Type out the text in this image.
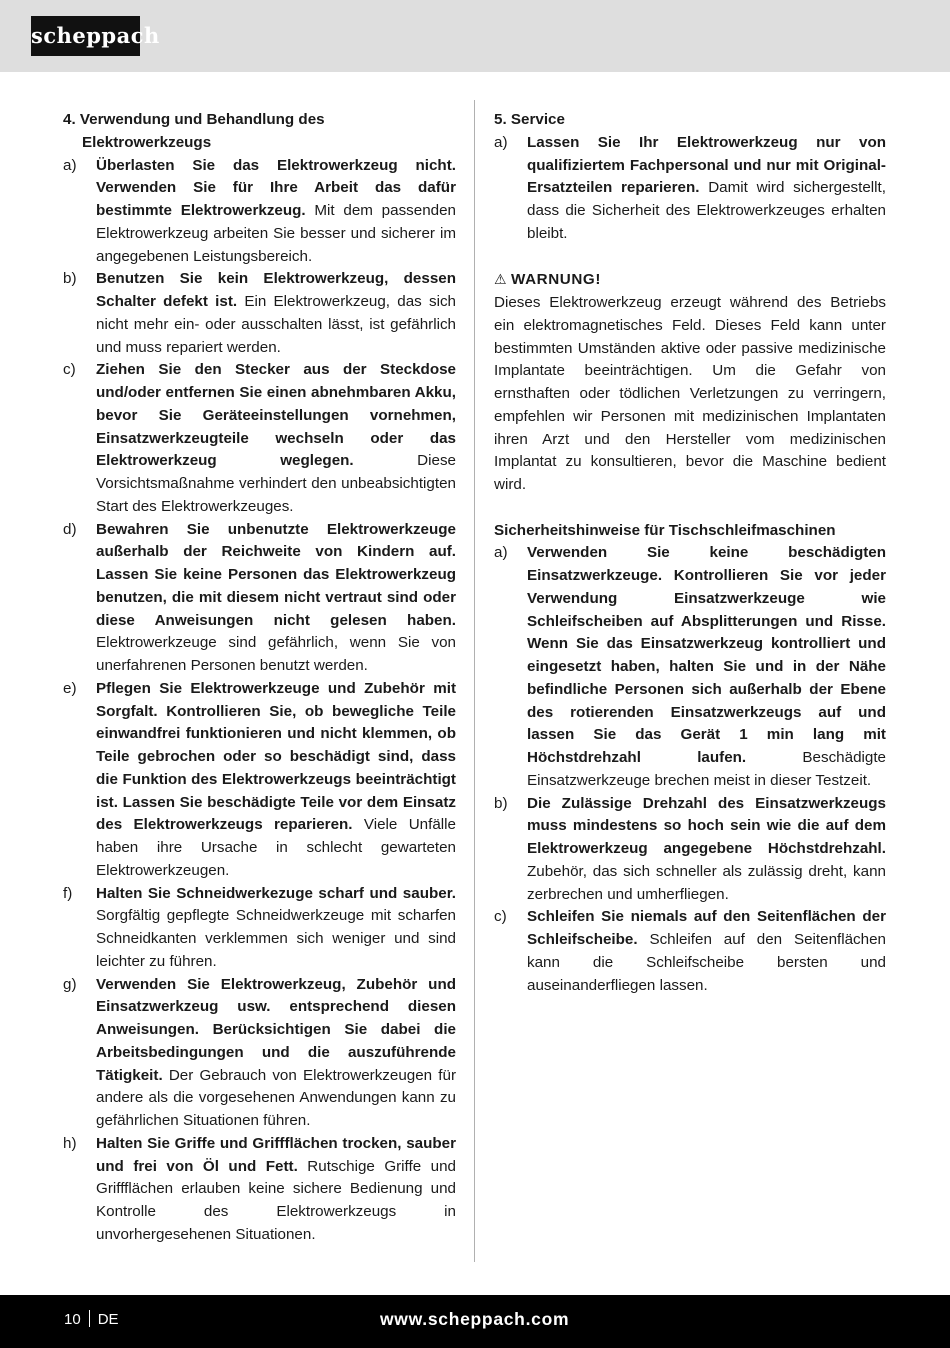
scheppach
4. Verwendung und Behandlung des Elektrowerkzeugs
a)	Überlasten Sie das Elektrowerkzeug nicht. Verwenden Sie für Ihre Arbeit das dafür bestimmte Elektrowerkzeug. Mit dem passenden Elektrowerkzeug arbeiten Sie besser und sicherer im angegebenen Leistungsbereich.
b)	Benutzen Sie kein Elektrowerkzeug, dessen Schalter defekt ist. Ein Elektrowerkzeug, das sich nicht mehr ein- oder ausschalten lässt, ist gefährlich und muss repariert werden.
c)	Ziehen Sie den Stecker aus der Steckdose und/oder entfernen Sie einen abnehmbaren Akku, bevor Sie Geräteeinstellungen vornehmen, Einsatzwerkzeugteile wechseln oder das Elektrowerkzeug weglegen. Diese Vorsichtsmaßnahme verhindert den unbeabsichtigten Start des Elektrowerkzeuges.
d)	Bewahren Sie unbenutzte Elektrowerkzeuge außerhalb der Reichweite von Kindern auf. Lassen Sie keine Personen das Elektrowerkzeug benutzen, die mit diesem nicht vertraut sind oder diese Anweisungen nicht gelesen haben. Elektrowerkzeuge sind gefährlich, wenn Sie von unerfahrenen Personen benutzt werden.
e)	Pflegen Sie Elektrowerkzeuge und Zubehör mit Sorgfalt. Kontrollieren Sie, ob bewegliche Teile einwandfrei funktionieren und nicht klemmen, ob Teile gebrochen oder so beschädigt sind, dass die Funktion des Elektrowerkzeugs beeinträchtigt ist. Lassen Sie beschädigte Teile vor dem Einsatz des Elektrowerkzeugs reparieren. Viele Unfälle haben ihre Ursache in schlecht gewarteten Elektrowerkzeugen.
f)	Halten Sie Schneidwerkezuge scharf und sauber. Sorgfältig gepflegte Schneidwerkzeuge mit scharfen Schneidkanten verklemmen sich weniger und sind leichter zu führen.
g)	Verwenden Sie Elektrowerkzeug, Zubehör und Einsatzwerkzeug usw. entsprechend diesen Anweisungen. Berücksichtigen Sie dabei die Arbeitsbedingungen und die auszuführende Tätigkeit. Der Gebrauch von Elektrowerkzeugen für andere als die vorgesehenen Anwendungen kann zu gefährlichen Situationen führen.
h)	Halten Sie Griffe und Griffflächen trocken, sauber und frei von Öl und Fett. Rutschige Griffe und Griffflächen erlauben keine sichere Bedienung und Kontrolle des Elektrowerkzeugs in unvorhergesehenen Situationen.
5. Service
a)	Lassen Sie Ihr Elektrowerkzeug nur von qualifiziertem Fachpersonal und nur mit Original-Ersatzteilen reparieren. Damit wird sichergestellt, dass die Sicherheit des Elektrowerkzeuges erhalten bleibt.
⚠ WARNUNG!
Dieses Elektrowerkzeug erzeugt während des Betriebs ein elektromagnetisches Feld. Dieses Feld kann unter bestimmten Umständen aktive oder passive medizinische Implantate beeinträchtigen. Um die Gefahr von ernsthaften oder tödlichen Verletzungen zu verringern, empfehlen wir Personen mit medizinischen Implantaten ihren Arzt und den Hersteller vom medizinischen Implantat zu konsultieren, bevor die Maschine bedient wird.
Sicherheitshinweise für Tischschleifmaschinen
a)	Verwenden Sie keine beschädigten Einsatzwerkzeuge. Kontrollieren Sie vor jeder Verwendung Einsatzwerkzeuge wie Schleifscheiben auf Absplitterungen und Risse. Wenn Sie das Einsatzwerkzeug kontrolliert und eingesetzt haben, halten Sie und in der Nähe befindliche Personen sich außerhalb der Ebene des rotierenden Einsatzwerkzeugs auf und lassen Sie das Gerät 1 min lang mit Höchstdrehzahl laufen. Beschädigte Einsatzwerkzeuge brechen meist in dieser Testzeit.
b)	Die Zulässige Drehzahl des Einsatzwerkzeugs muss mindestens so hoch sein wie die auf dem Elektrowerkzeug angegebene Höchstdrehzahl. Zubehör, das sich schneller als zulässig dreht, kann zerbrechen und umherfliegen.
c)	Schleifen Sie niemals auf den Seitenflächen der Schleifscheibe. Schleifen auf den Seitenflächen kann die Schleifscheibe bersten und auseinanderfliegen lassen.
10 DE	www.scheppach.com
